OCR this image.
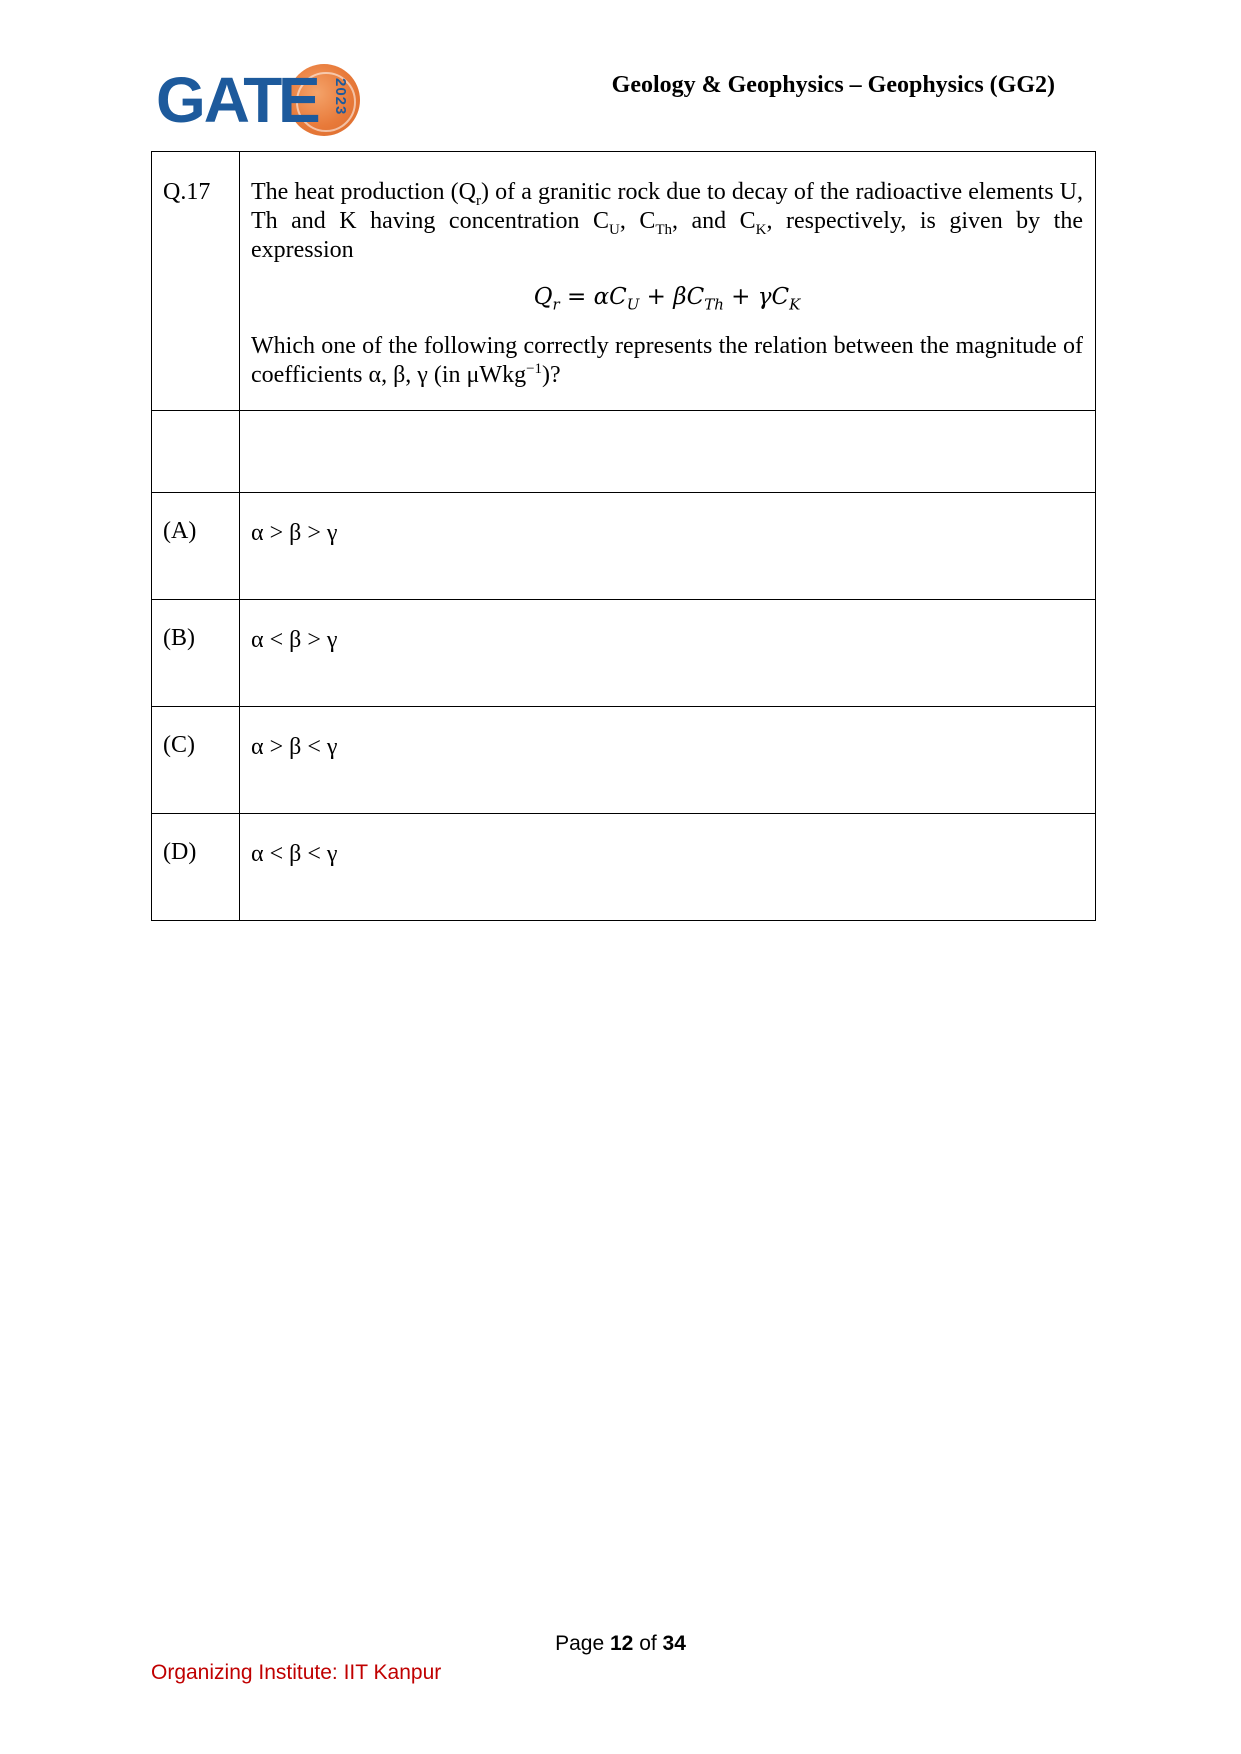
GAT
E 2023	Geology & Geophysics – Geophysics (GG2)
Q.17	The heat production $(Q_r)$ of a granitic rock due to decay of the radioactive elements U, Th and K having concentration $C_U$, $C_{Th}$, and $C_K$, respectively, is given by the expression

$Q_r = \alpha C_U + \beta C_{Th} + \gamma C_K$

Which one of the following correctly represents the relation between the magnitude of coefficients α, β, γ (in μWkg$^{-1}$)?

(A)	α > β > γ
(B)	α < β > γ
(C)	α > β < γ
(D)	α < β < γ
Page 12 of 34
Organizing Institute: IIT Kanpur
